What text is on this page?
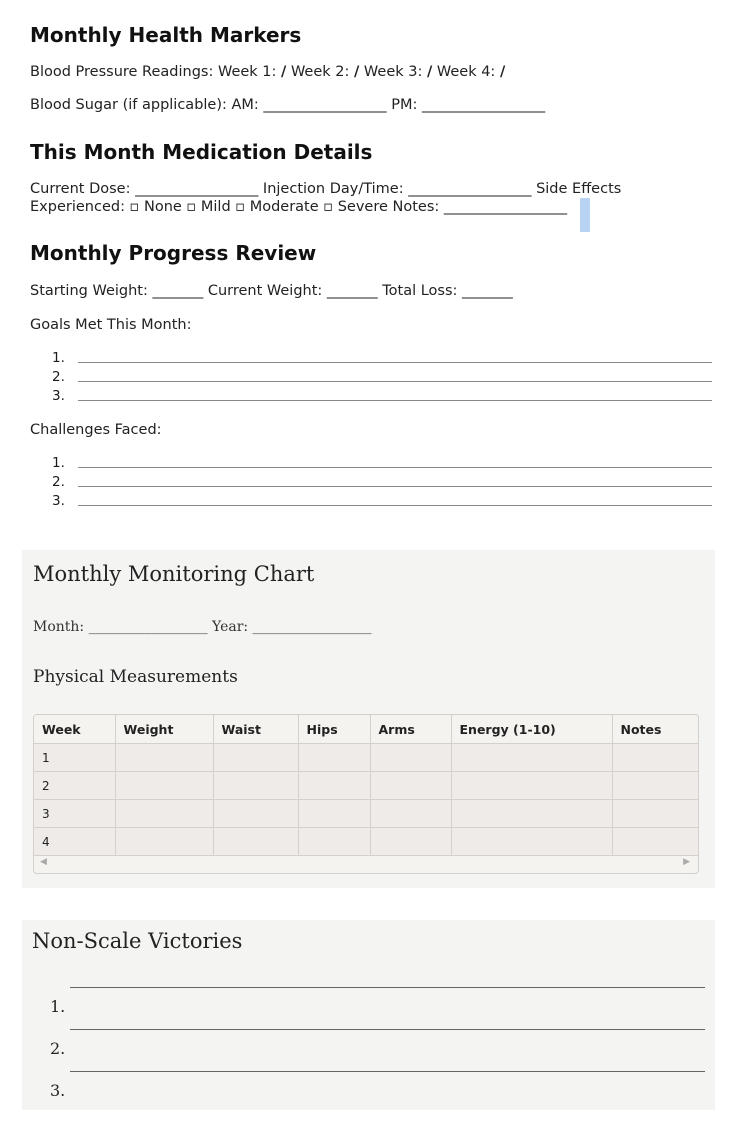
Monthly Health Markers
Blood Pressure Readings: Week 1: / Week 2: / Week 3: / Week 4: /
Blood Sugar (if applicable): AM: _________________ PM: _________________
This Month Medication Details
Current Dose: _________________ Injection Day/Time: _________________ Side Effects
Experienced: ▫ None ▫ Mild ▫ Moderate ▫ Severe Notes: _________________
Monthly Progress Review
Starting Weight: _______ Current Weight: _______ Total Loss: _______
Goals Met This Month:
1.
2.
3.
Challenges Faced:
1.
2.
3.
Monthly Monitoring Chart
Month: _________________ Year: _________________
Physical Measurements
Week	Weight	Waist	Hips	Arms	Energy (1-10)	Notes
1						
2						
3						
4						
◀	▶
Non-Scale Victories
1.
2.
3.
